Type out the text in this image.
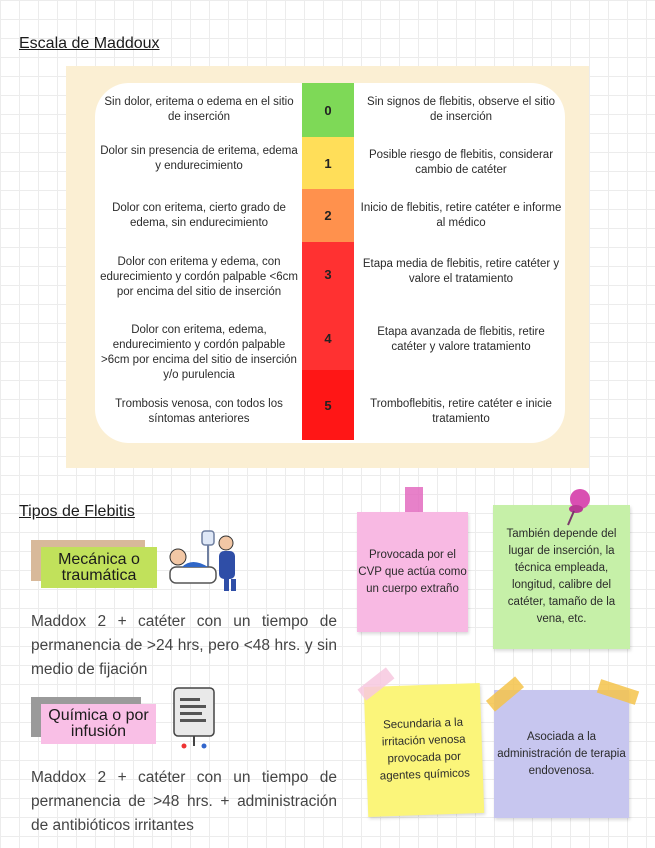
Escala de Maddoux
0
1
2
3
4
5
Sin dolor, eritema o edema en el sitio de inserción
Sin signos de flebitis, observe el sitio de inserción
Dolor sin presencia de eritema, edema y endurecimiento
Posible riesgo de flebitis, considerar cambio de catéter
Dolor con eritema, cierto grado de edema, sin endurecimiento
Inicio de flebitis, retire catéter e informe al médico
Dolor con eritema y edema, con edurecimiento y cordón palpable <6cm por encima del sitio de inserción
Etapa media de flebitis, retire catéter y valore el tratamiento
Dolor con eritema, edema, endurecimiento y cordón palpable >6cm por encima del sitio de inserción y/o purulencia
Etapa avanzada de flebitis, retire catéter y valore tratamiento
Trombosis venosa, con todos los síntomas anteriores
Tromboflebitis, retire catéter e inicie tratamiento
Tipos de Flebitis
Mecánica o traumática
Maddox 2 + catéter con un tiempo de permanencia de >24 hrs, pero <48 hrs. y sin medio de fijación
Química o por infusión
Maddox 2 + catéter con un tiempo de permanencia de >48 hrs. + administración de antibióticos irritantes
Provocada por el CVP que actúa como un cuerpo extraño
También depende del lugar de inserción, la técnica empleada, longitud, calibre del catéter, tamaño de la vena, etc.
Secundaria a la irritación venosa provocada por agentes químicos
Asociada a la administración de terapia endovenosa.
